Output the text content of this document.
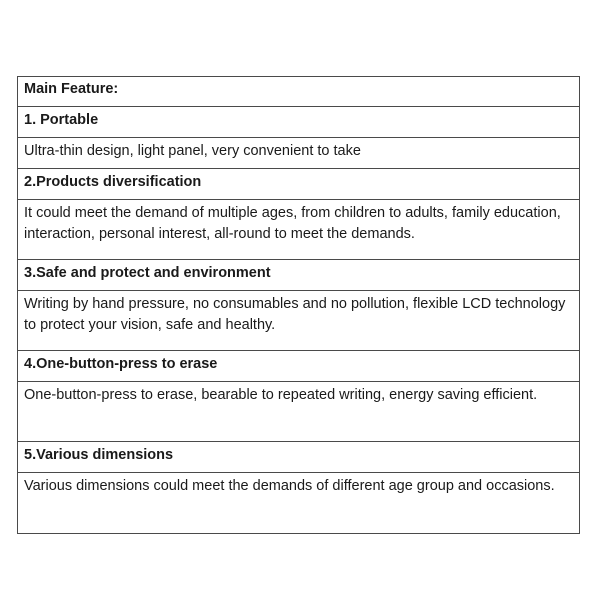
Main Feature:
1. Portable
Ultra-thin design, light panel, very convenient to take
2.Products diversification
It could meet the demand of multiple ages, from children to adults, family education, interaction, personal interest, all-round to meet the demands.
3.Safe and protect and environment
Writing by hand pressure, no consumables and no pollution, flexible LCD technology to protect your vision, safe and healthy.
4.One-button-press to erase
One-button-press to erase, bearable to repeated writing, energy saving efficient.
5.Various dimensions
Various dimensions could meet the demands of different age group and occasions.
